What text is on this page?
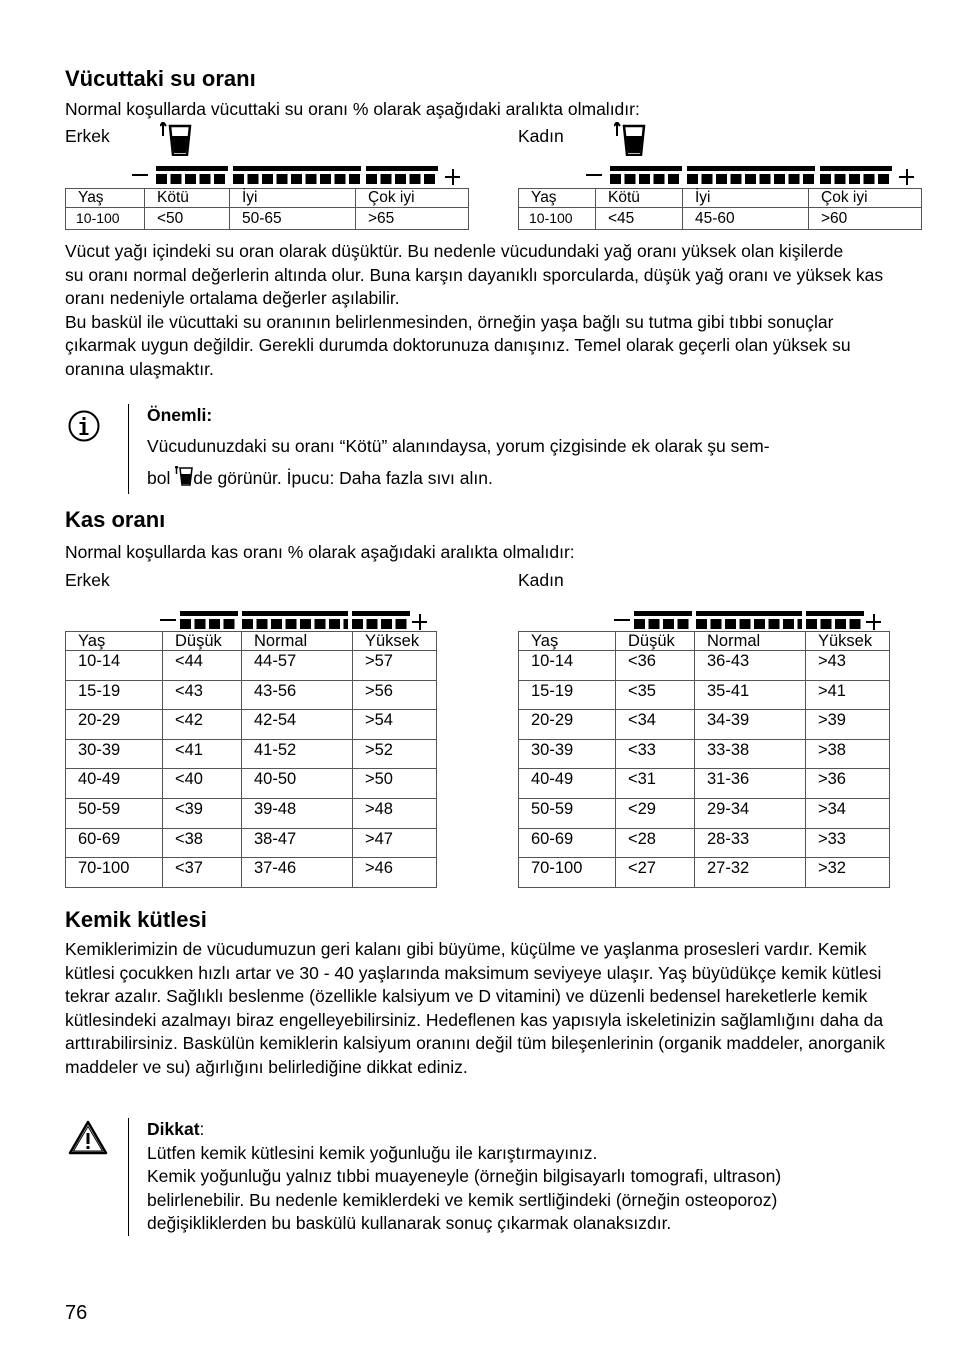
Vücuttaki su oranı
Normal koşullarda vücuttaki su oranı % olarak aşağıdaki aralıkta olmalıdır:
Erkek	Kadın
Yaş	Kötü	İyi	Çok iyi
10-100	<50	50-65	>65
Yaş	Kötü	İyi	Çok iyi
10-100	<45	45-60	>60

Vücut yağı içindeki su oran olarak düşüktür. Bu nedenle vücudundaki yağ oranı yüksek olan kişilerde

su oranı normal değerlerin altında olur. Buna karşın dayanıklı sporcularda, düşük yağ oranı ve yüksek kas oranı nedeniyle ortalama değerler aşılabilir.

Bu baskül ile vücuttaki su oranının belirlenmesinden, örneğin yaşa bağlı su tutma gibi tıbbi sonuçlar çıkarmak uygun değildir. Gerekli durumda doktorunuza danışınız. Temel olarak geçerli olan yüksek su oranına ulaşmaktır.

Önemli:
Vücudunuzdaki su oranı “Kötü” alanındaysa, yorum çizgisinde ek olarak şu sem-
bol de görünür. İpucu: Daha fazla sıvı alın.
Kas oranı
Normal koşullarda kas oranı % olarak aşağıdaki aralıkta olmalıdır:
Erkek	Kadın
Yaş	Düşük	Normal	Yüksek
10-14	<44	44-57	>57
15-19	<43	43-56	>56
20-29	<42	42-54	>54
30-39	<41	41-52	>52
40-49	<40	40-50	>50
50-59	<39	39-48	>48
60-69	<38	38-47	>47
70-100	<37	37-46	>46
Yaş	Düşük	Normal	Yüksek
10-14	<36	36-43	>43
15-19	<35	35-41	>41
20-29	<34	34-39	>39
30-39	<33	33-38	>38
40-49	<31	31-36	>36
50-59	<29	29-34	>34
60-69	<28	28-33	>33
70-100	<27	27-32	>32
Kemik kütlesi
Kemiklerimizin de vücudumuzun geri kalanı gibi büyüme, küçülme ve yaşlanma prosesleri vardır. Kemik kütlesi çocukken hızlı artar ve 30 - 40 yaşlarında maksimum seviyeye ulaşır. Yaş büyüdükçe kemik kütlesi tekrar azalır. Sağlıklı beslenme (özellikle kalsiyum ve D vitamini) ve düzenli bedensel hareketlerle kemik kütlesindeki azalmayı biraz engelleyebilirsiniz. Hedeflenen kas yapısıyla iskeletinizin sağlamlığını daha da arttırabilirsiniz. Baskülün kemiklerin kalsiyum oranını değil tüm bileşenlerinin (organik maddeler, anorganik maddeler ve su) ağırlığını belirlediğine dikkat ediniz.
Dikkat:
Lütfen kemik kütlesini kemik yoğunluğu ile karıştırmayınız.
Kemik yoğunluğu yalnız tıbbi muayeneyle (örneğin bilgisayarlı tomografi, ultrason) belirlenebilir. Bu nedenle kemiklerdeki ve kemik sertliğindeki (örneğin osteoporoz) değişikliklerden bu baskülü kullanarak sonuç çıkarmak olanaksızdır.
76
